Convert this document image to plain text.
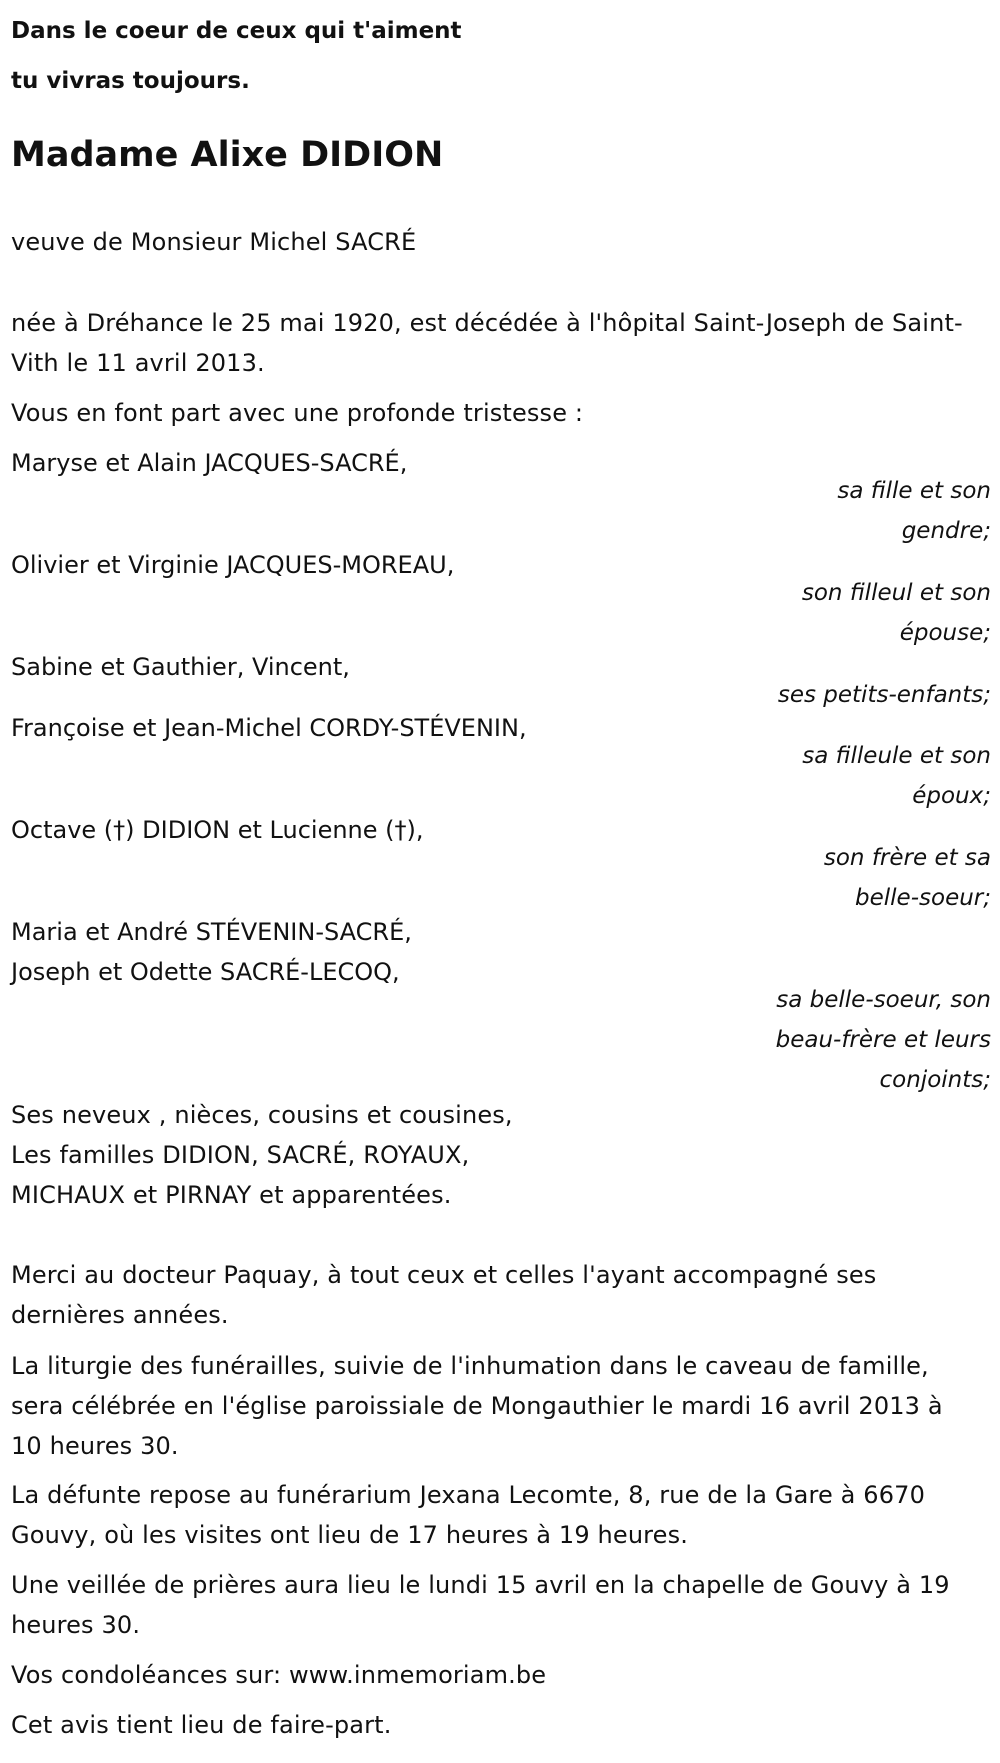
Dans le coeur de ceux qui t'aiment
tu vivras toujours.

Madame Alixe DIDION

veuve de Monsieur Michel SACRÉ

née à Dréhance le 25 mai 1920, est décédée à l'hôpital Saint-Joseph de Saint-Vith le 11 avril 2013.

Vous en font part avec une profonde tristesse :

Maryse et Alain JACQUES-SACRÉ,

sa fille et son gendre;

Olivier et Virginie JACQUES-MOREAU,

son filleul et son épouse;

Sabine et Gauthier, Vincent,

ses petits-enfants;

Françoise et Jean-Michel CORDY-STÉVENIN,

sa filleule et son époux;

Octave (†) DIDION et Lucienne (†),

son frère et sa belle-soeur;

Maria et André STÉVENIN-SACRÉ,

Joseph et Odette SACRÉ-LECOQ,

sa belle-soeur, son beau-frère et leurs conjoints;

Ses neveux , nièces, cousins et cousines,

Les familles DIDION, SACRÉ, ROYAUX,

MICHAUX et PIRNAY et apparentées.

Merci au docteur Paquay, à tout ceux et celles l'ayant accompagné ses dernières années.

La liturgie des funérailles, suivie de l'inhumation dans le caveau de famille, sera célébrée en l'église paroissiale de Mongauthier le mardi 16 avril 2013 à 10 heures 30.

La défunte repose au funérarium Jexana Lecomte, 8, rue de la Gare à 6670 Gouvy, où les visites ont lieu de 17 heures à 19 heures.

Une veillée de prières aura lieu le lundi 15 avril en la chapelle de Gouvy à 19 heures 30.

Vos condoléances sur: www.inmemoriam.be

Cet avis tient lieu de faire-part.
